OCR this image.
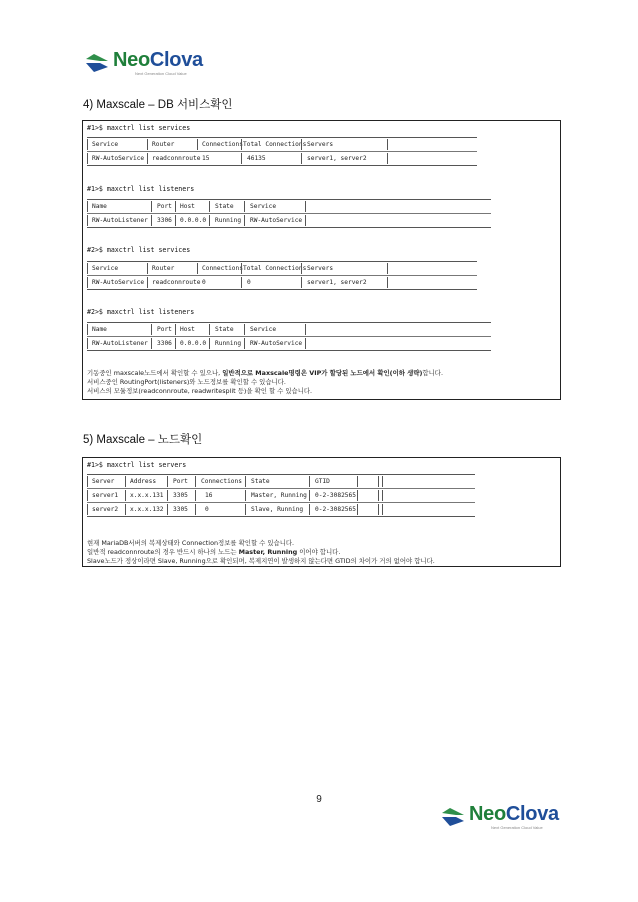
NeoClova
Next Generation Cloud Value
4) Maxscale – DB 서비스확인
#1>$ maxctrl list services
Service	Router	Connections Total Connections Servers
RW-AutoService readconnroute 15	46135	server1, server2
#1>$ maxctrl list listeners
Name	Port Host	State	Service
RW-AutoListener 3306 0.0.0.0 Running RW-AutoService
#2>$ maxctrl list services
Service	Router	Connections Total Connections Servers
RW-AutoService readconnroute 0	0	server1, server2
#2>$ maxctrl list listeners
Name	Port Host	State	Service
RW-AutoListener 3306 0.0.0.0 Running RW-AutoService
기동중인 maxscale노드에서 확인할 수 있으나, 일반적으로 Maxscale명령은 VIP가 할당된 노드에서 확인(이하 생략)합니다.
서비스중인 RoutingPort(listeners)와 노드정보를 확인할 수 있습니다.
서비스의 모듈정보(readconnroute, readwritesplit 등)을 확인 할 수 있습니다.
5) Maxscale – 노드확인
#1>$ maxctrl list servers
Server	Address	Port Connections State	GTID
server1 x.x.x.131 3305	16	Master, Running 0-2-3082565
server2 x.x.x.132 3305	0	Slave, Running 0-2-3082565
현재 MariaDB서버의 복제상태와 Connection정보를 확인할 수 있습니다.
일반적 readconnroute의 경우 반드시 하나의 노드는 Master, Running 이어야 합니다.
Slave노드가 정상이라면 Slave, Running으로 확인되며, 복제지연이 발생하지 않는다면 GTID의 차이가 거의 없어야 합니다.
9
NeoClova
Next Generation Cloud Value
